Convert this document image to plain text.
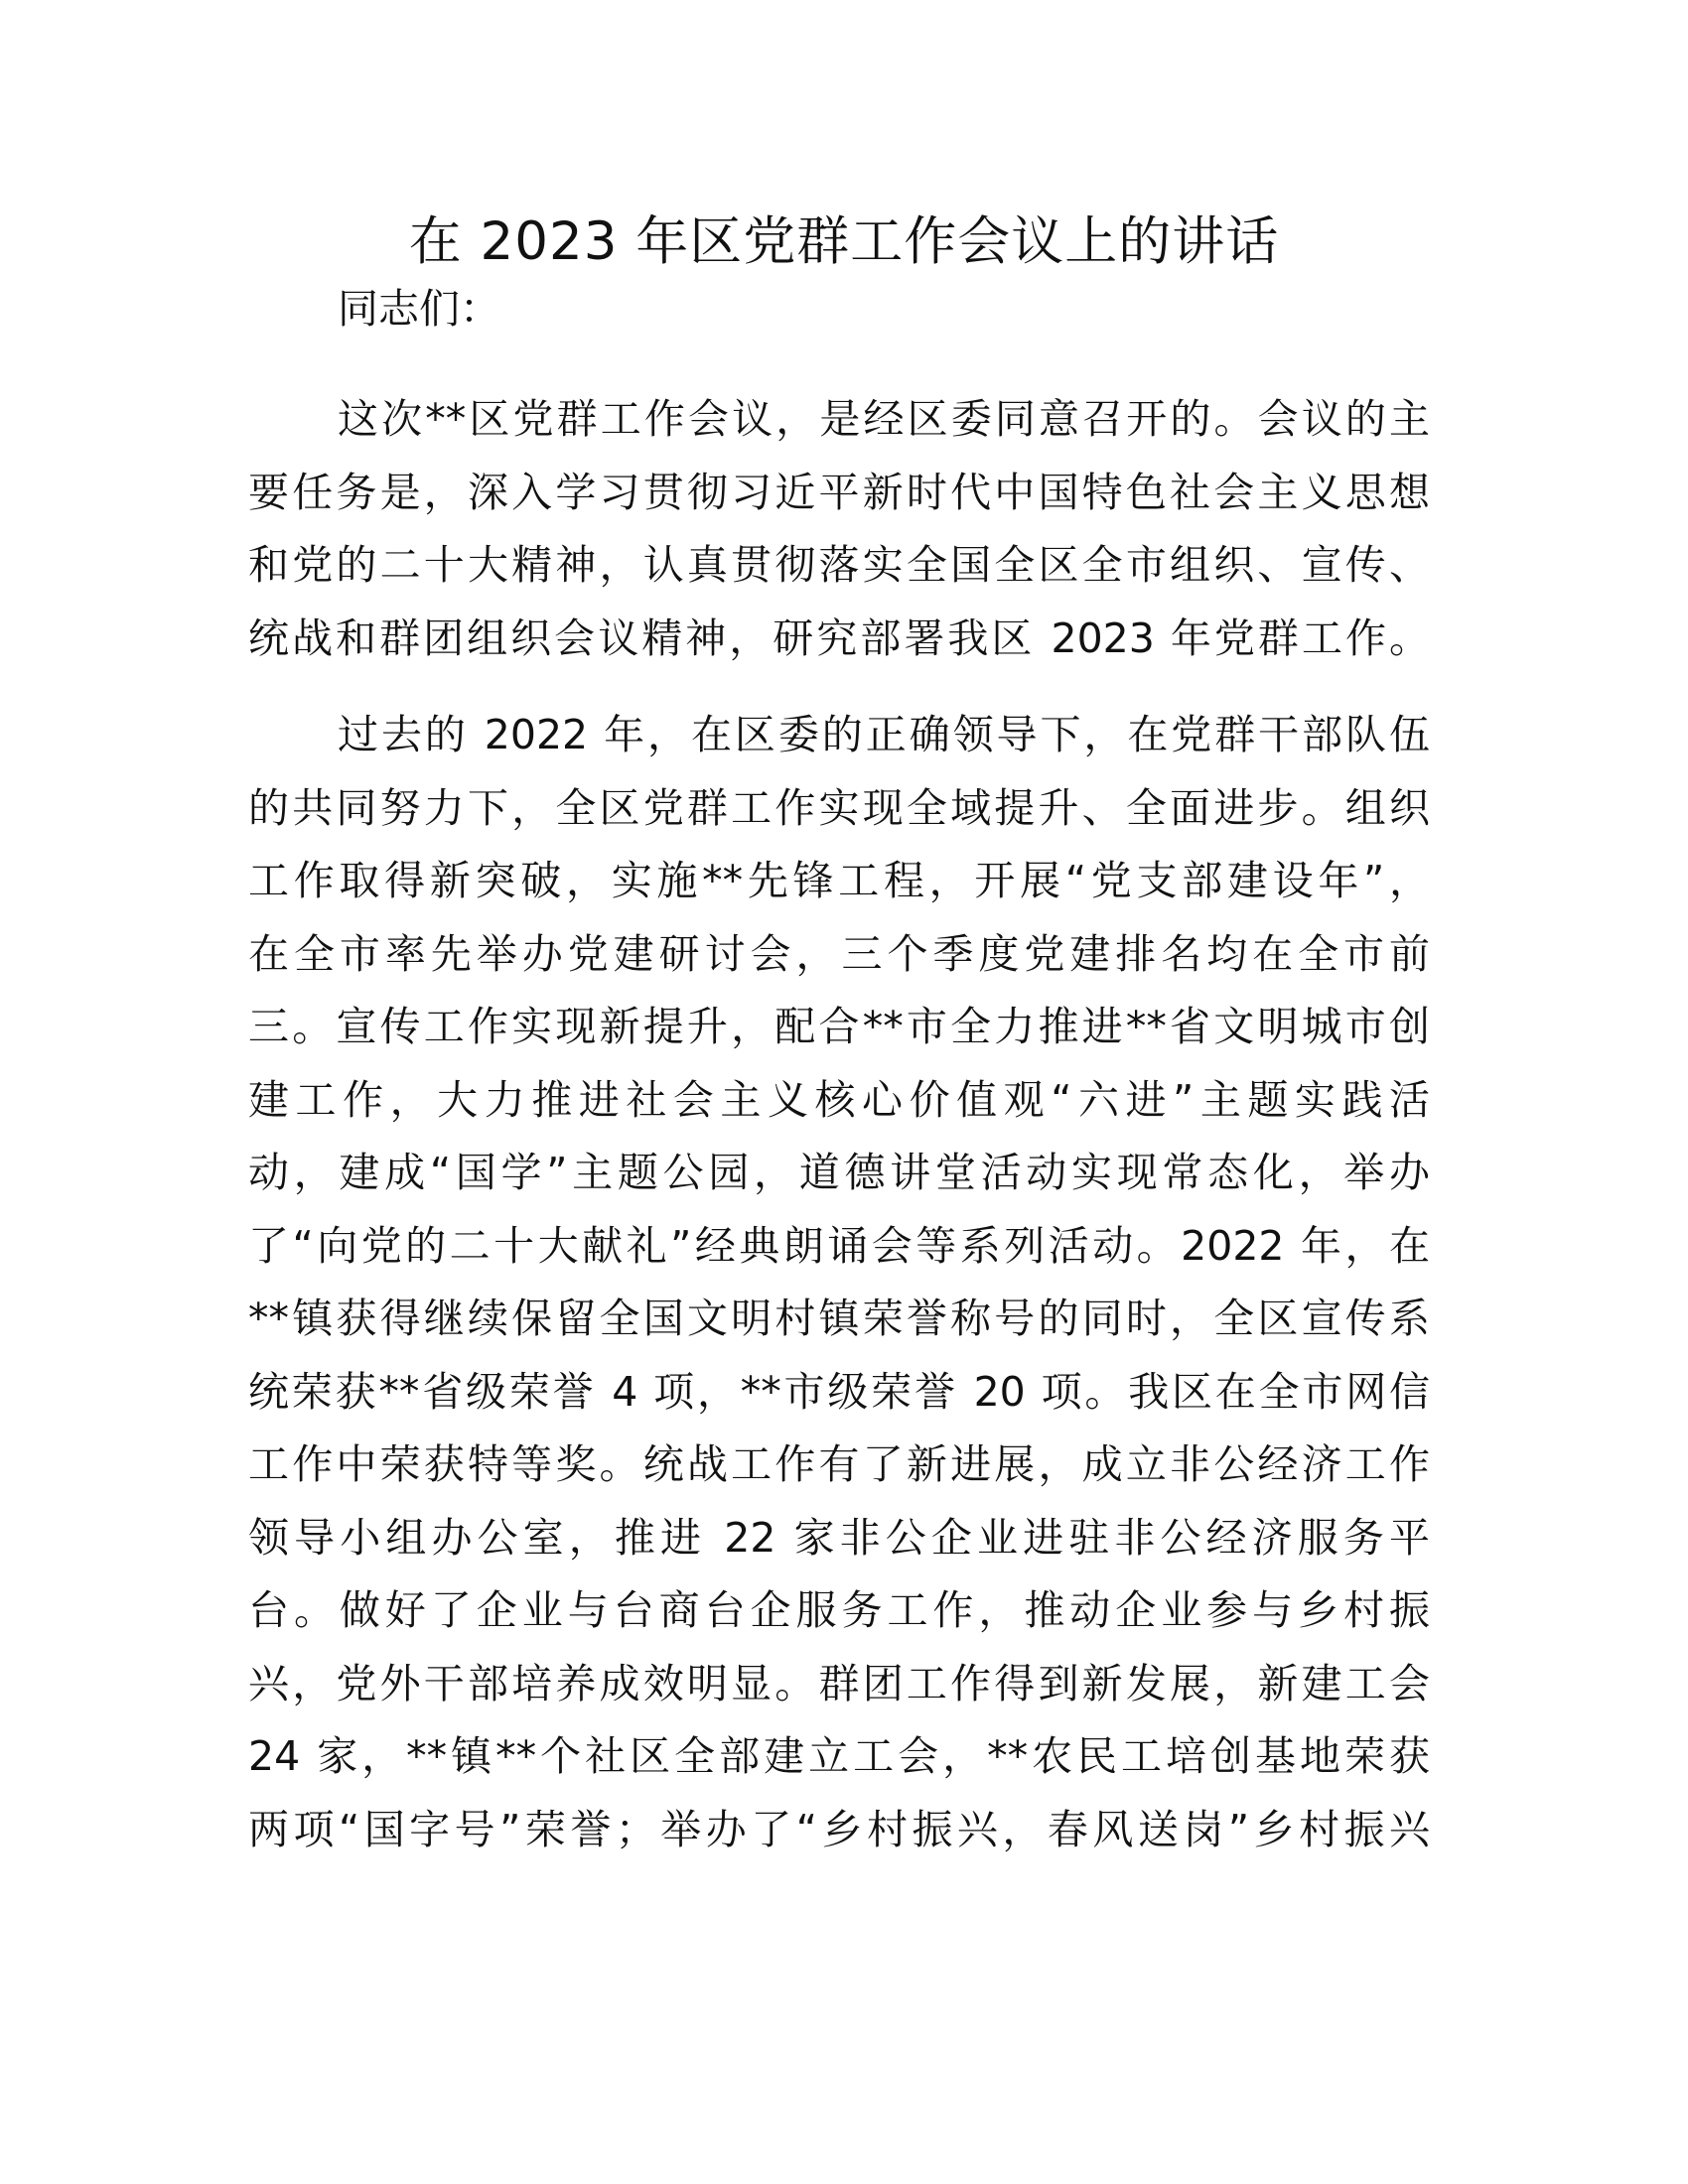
在 2023 年区党群工作会议上的讲话

同志们：

这次**区党群工作会议，是经区委同意召开的。会议的主
要任务是，深入学习贯彻习近平新时代中国特色社会主义思想
和党的二十大精神，认真贯彻落实全国全区全市组织、宣传、
统战和群团组织会议精神，研究部署我区 2023 年党群工作。
过去的 2022 年，在区委的正确领导下，在党群干部队伍
的共同努力下，全区党群工作实现全域提升、全面进步。组织
工作取得新突破，实施**先锋工程，开展“党支部建设年”，
在全市率先举办党建研讨会，三个季度党建排名均在全市前
三。宣传工作实现新提升，配合**市全力推进**省文明城市创
建工作，大力推进社会主义核心价值观“六进”主题实践活
动，建成“国学”主题公园，道德讲堂活动实现常态化，举办
了“向党的二十大献礼”经典朗诵会等系列活动。2022 年，在
**镇获得继续保留全国文明村镇荣誉称号的同时，全区宣传系
统荣获**省级荣誉 4 项，**市级荣誉 20 项。我区在全市网信
工作中荣获特等奖。统战工作有了新进展，成立非公经济工作
领导小组办公室，推进 22 家非公企业进驻非公经济服务平
台。做好了企业与台商台企服务工作，推动企业参与乡村振
兴，党外干部培养成效明显。群团工作得到新发展，新建工会
24 家，**镇**个社区全部建立工会，**农民工培创基地荣获
两项“国字号”荣誉；举办了“乡村振兴，春风送岗”乡村振兴
